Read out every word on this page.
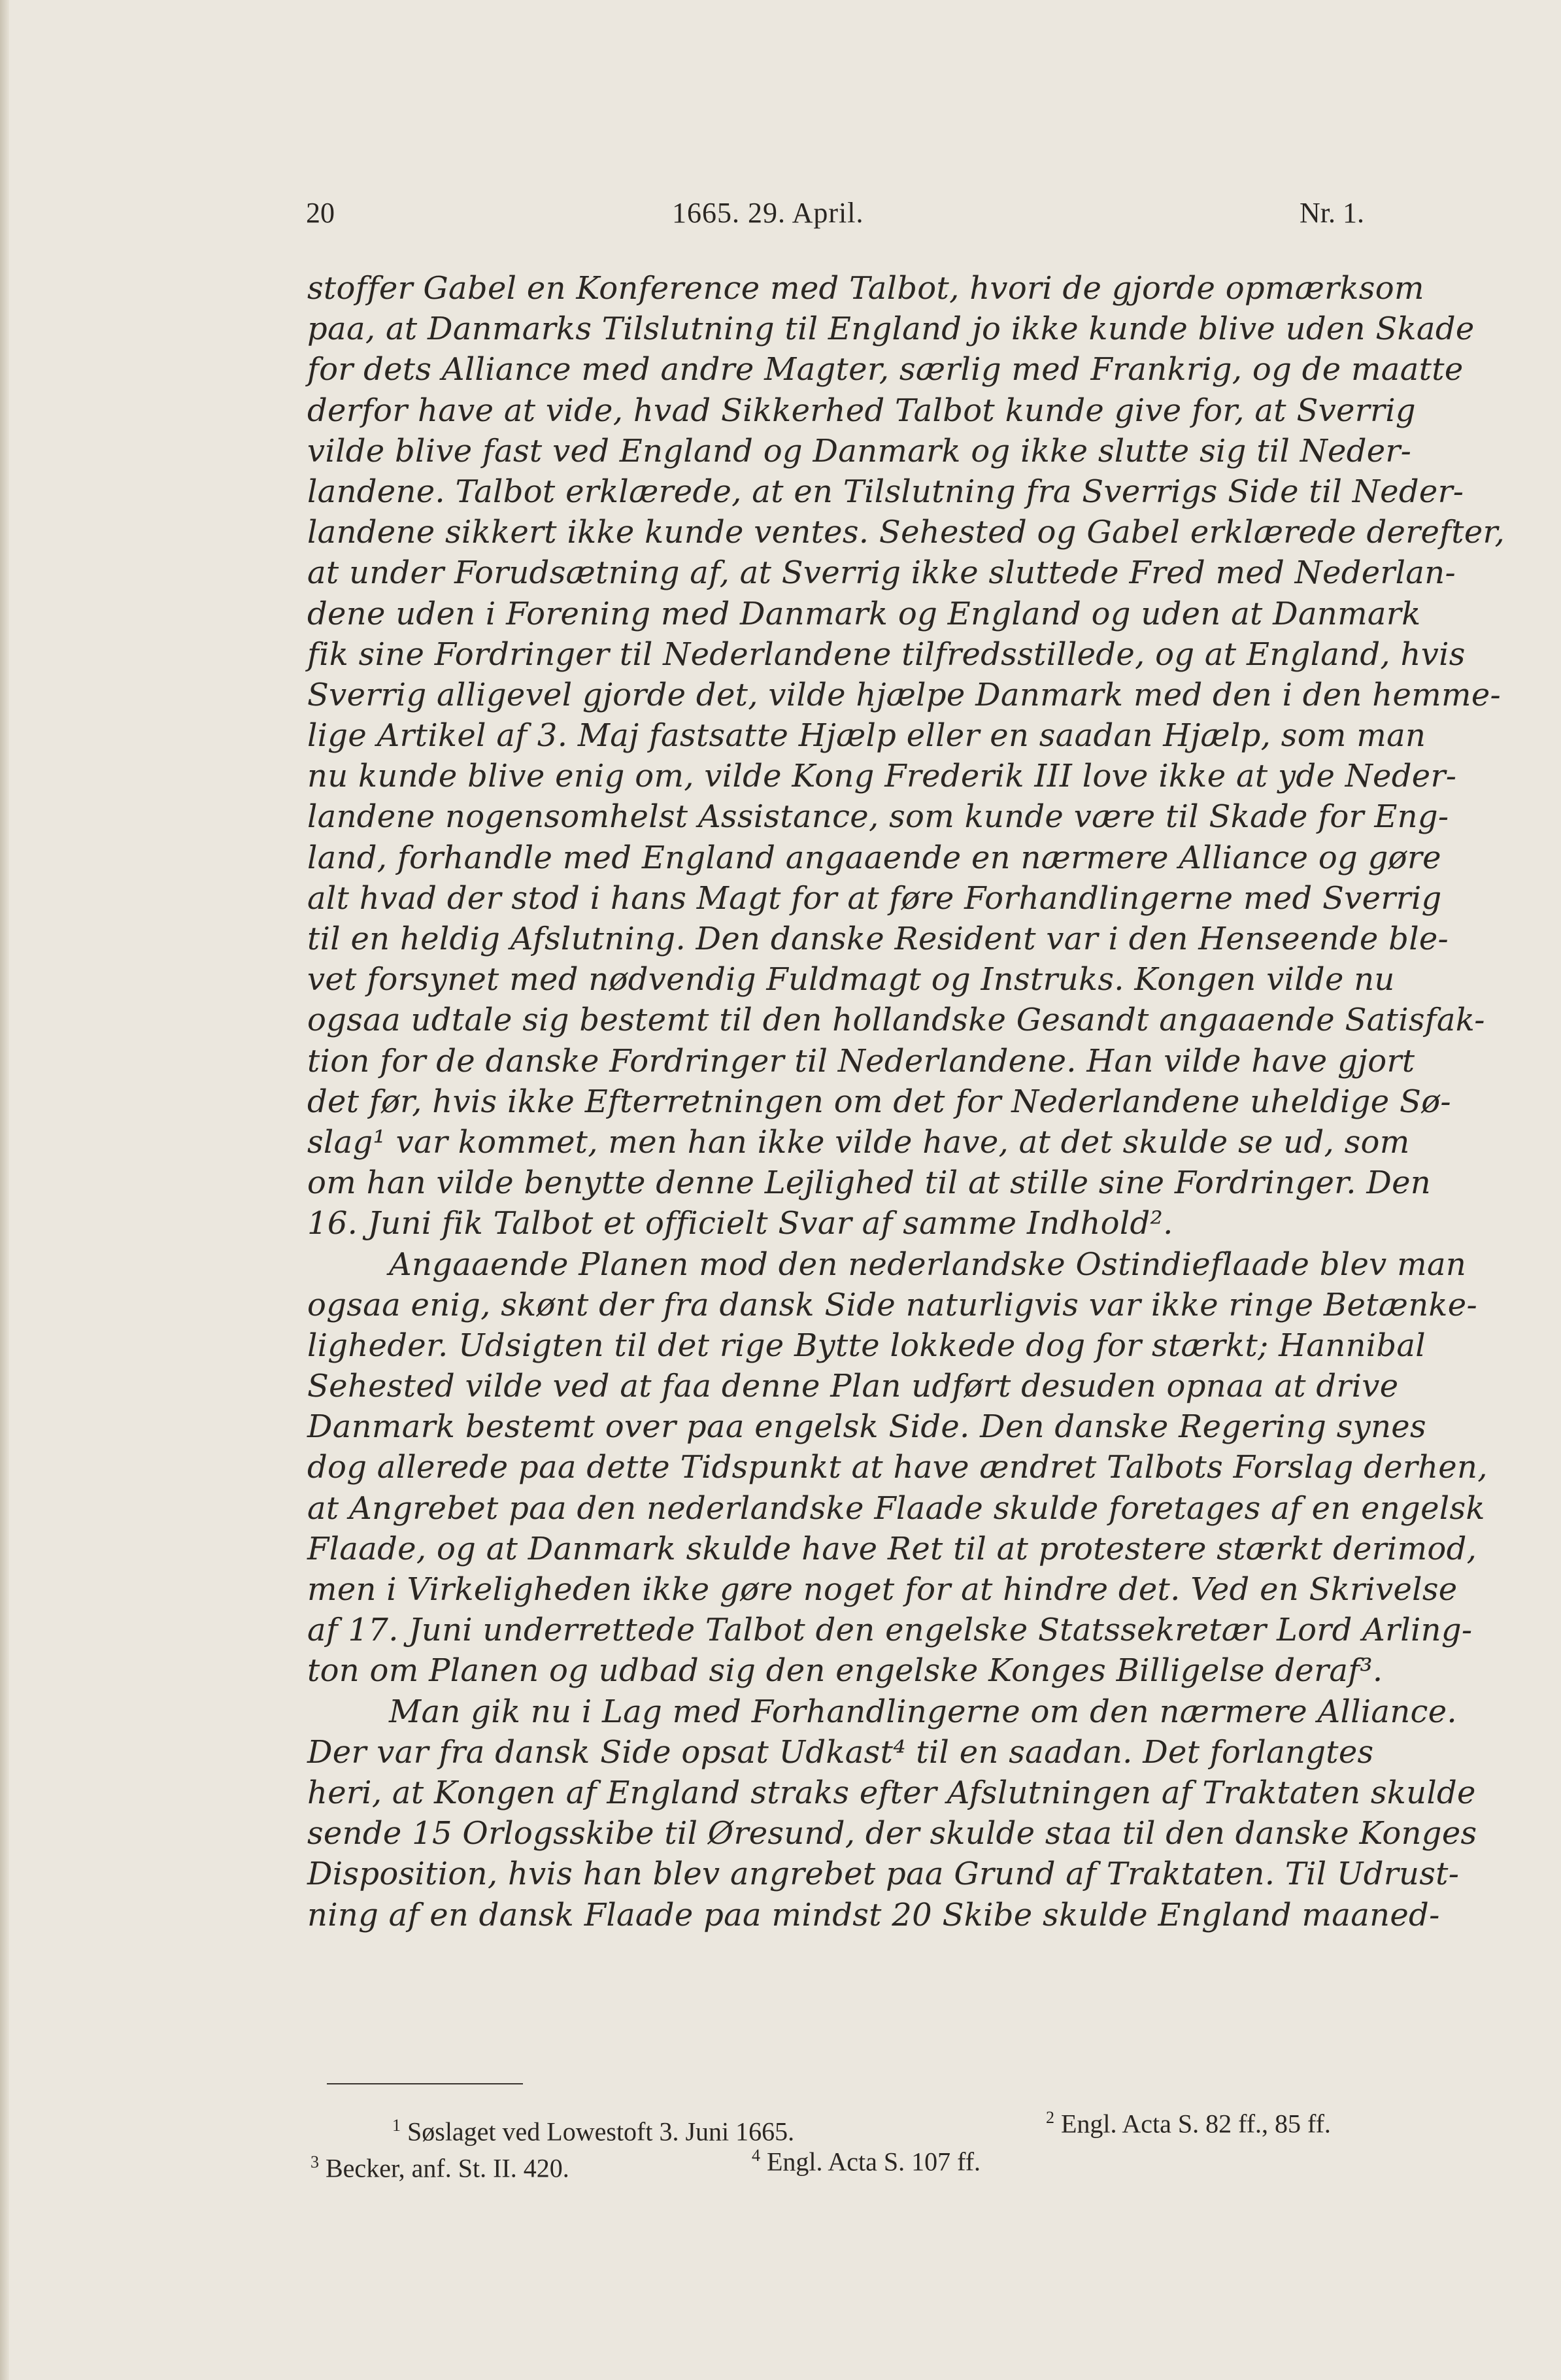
20	1665. 29. April.	Nr. 1.
stoffer Gabel en Konference med Talbot, hvori de gjorde opmærksom
paa, at Danmarks Tilslutning til England jo ikke kunde blive uden Skade
for dets Alliance med andre Magter, særlig med Frankrig, og de maatte
derfor have at vide, hvad Sikkerhed Talbot kunde give for, at Sverrig
vilde blive fast ved England og Danmark og ikke slutte sig til Neder-
landene. Talbot erklærede, at en Tilslutning fra Sverrigs Side til Neder-
landene sikkert ikke kunde ventes. Sehested og Gabel erklærede derefter,
at under Forudsætning af, at Sverrig ikke sluttede Fred med Nederlan-
dene uden i Forening med Danmark og England og uden at Danmark
fik sine Fordringer til Nederlandene tilfredsstillede, og at England, hvis
Sverrig alligevel gjorde det, vilde hjælpe Danmark med den i den hemme-
lige Artikel af 3. Maj fastsatte Hjælp eller en saadan Hjælp, som man
nu kunde blive enig om, vilde Kong Frederik III love ikke at yde Neder-
landene nogensomhelst Assistance, som kunde være til Skade for Eng-
land, forhandle med England angaaende en nærmere Alliance og gøre
alt hvad der stod i hans Magt for at føre Forhandlingerne med Sverrig
til en heldig Afslutning. Den danske Resident var i den Henseende ble-
vet forsynet med nødvendig Fuldmagt og Instruks. Kongen vilde nu
ogsaa udtale sig bestemt til den hollandske Gesandt angaaende Satisfak-
tion for de danske Fordringer til Nederlandene. Han vilde have gjort
det før, hvis ikke Efterretningen om det for Nederlandene uheldige Sø-
slag¹ var kommet, men han ikke vilde have, at det skulde se ud, som
om han vilde benytte denne Lejlighed til at stille sine Fordringer. Den
16. Juni fik Talbot et officielt Svar af samme Indhold².
Angaaende Planen mod den nederlandske Ostindieflaade blev man
ogsaa enig, skønt der fra dansk Side naturligvis var ikke ringe Betænke-
ligheder. Udsigten til det rige Bytte lokkede dog for stærkt; Hannibal
Sehested vilde ved at faa denne Plan udført desuden opnaa at drive
Danmark bestemt over paa engelsk Side. Den danske Regering synes
dog allerede paa dette Tidspunkt at have ændret Talbots Forslag derhen,
at Angrebet paa den nederlandske Flaade skulde foretages af en engelsk
Flaade, og at Danmark skulde have Ret til at protestere stærkt derimod,
men i Virkeligheden ikke gøre noget for at hindre det. Ved en Skrivelse
af 17. Juni underrettede Talbot den engelske Statssekretær Lord Arling-
ton om Planen og udbad sig den engelske Konges Billigelse deraf³.
Man gik nu i Lag med Forhandlingerne om den nærmere Alliance.
Der var fra dansk Side opsat Udkast⁴ til en saadan. Det forlangtes
heri, at Kongen af England straks efter Afslutningen af Traktaten skulde
sende 15 Orlogsskibe til Øresund, der skulde staa til den danske Konges
Disposition, hvis han blev angrebet paa Grund af Traktaten. Til Udrust-
ning af en dansk Flaade paa mindst 20 Skibe skulde England maaned-
$^1$ Søslaget ved Lowestoft 3. Juni 1665.	$^2$ Engl. Acta S. 82 ff., 85 ff.
$^3$ Becker, anf. St. II. 420.	$^4$ Engl. Acta S. 107 ff.
